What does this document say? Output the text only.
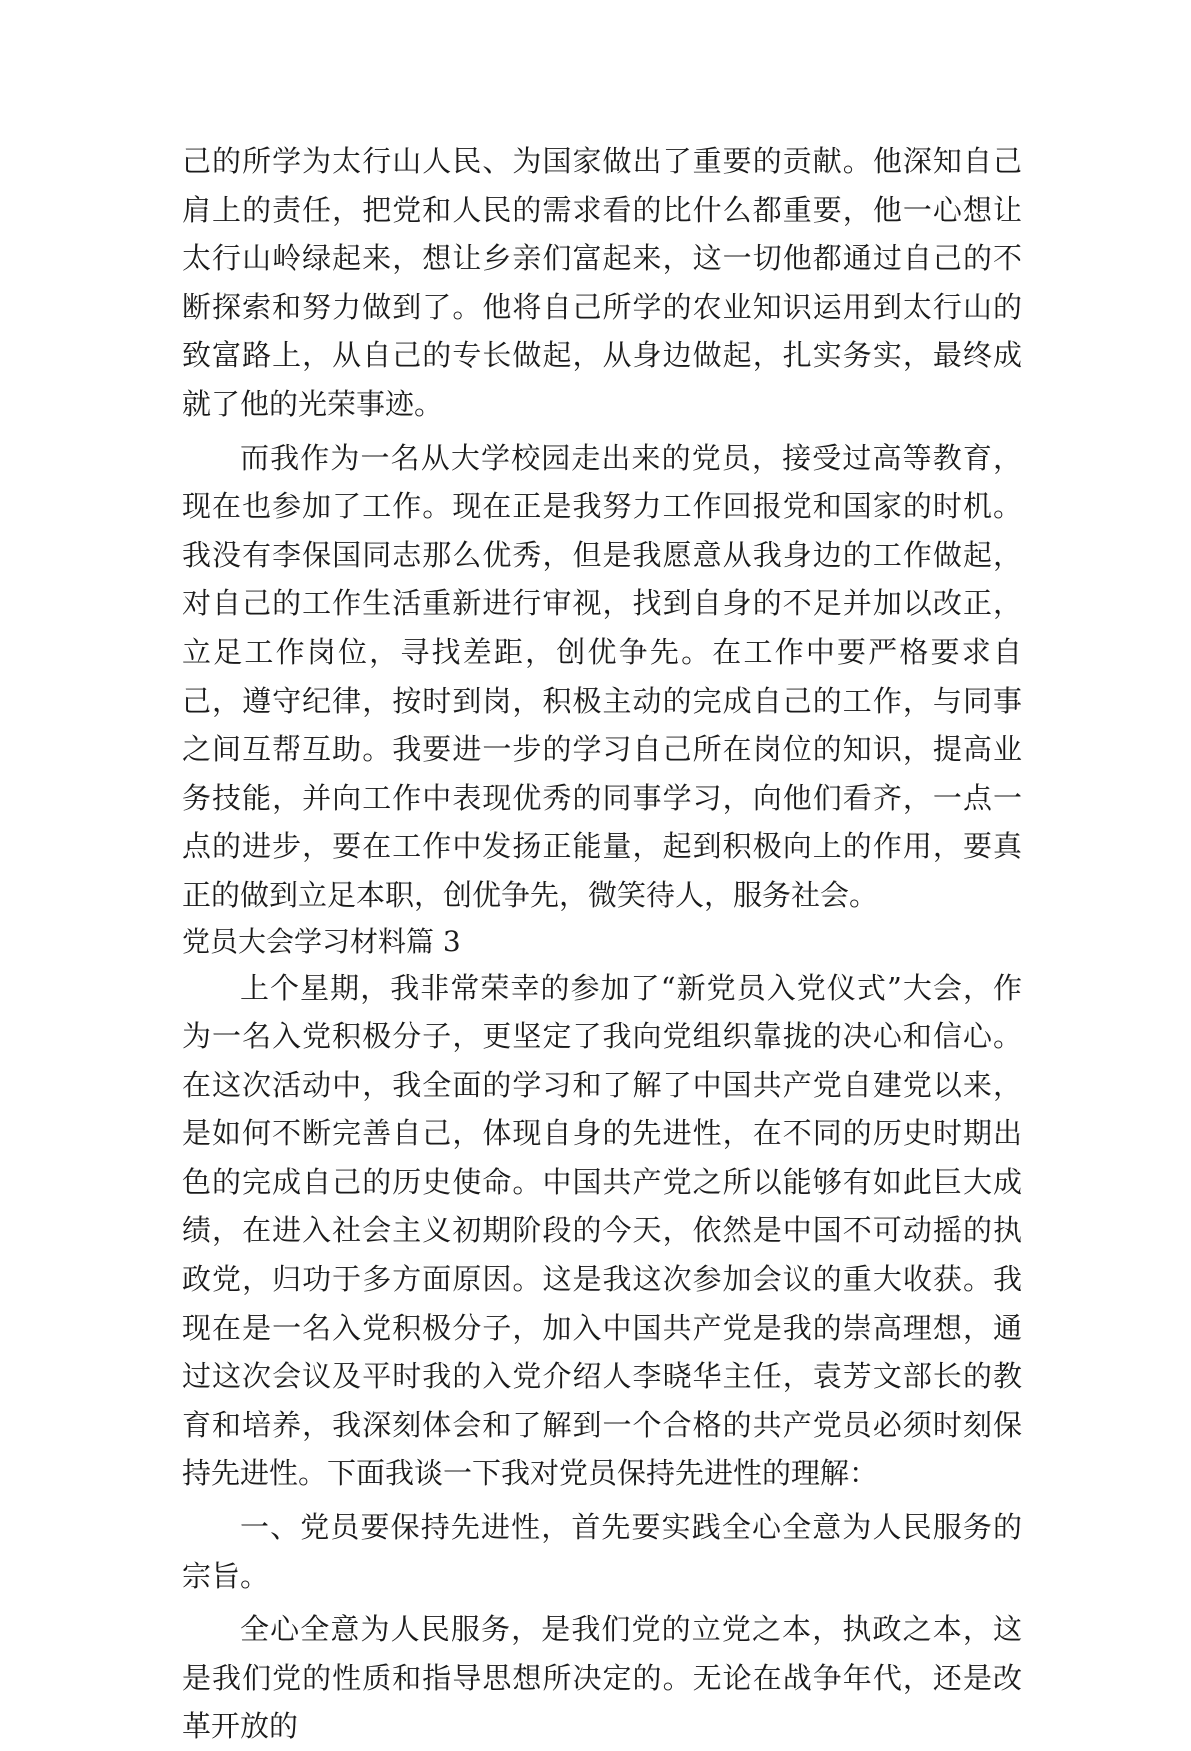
己的所学为太行山人民、为国家做出了重要的贡献。他深知自己肩上的责任，把党和人民的需求看的比什么都重要，他一心想让太行山岭绿起来，想让乡亲们富起来，这一切他都通过自己的不断探索和努力做到了。他将自己所学的农业知识运用到太行山的致富路上，从自己的专长做起，从身边做起，扎实务实，最终成就了他的光荣事迹。

而我作为一名从大学校园走出来的党员，接受过高等教育，现在也参加了工作。现在正是我努力工作回报党和国家的时机。我没有李保国同志那么优秀，但是我愿意从我身边的工作做起，对自己的工作生活重新进行审视，找到自身的不足并加以改正，立足工作岗位，寻找差距，创优争先。在工作中要严格要求自己，遵守纪律，按时到岗，积极主动的完成自己的工作，与同事之间互帮互助。我要进一步的学习自己所在岗位的知识，提高业务技能，并向工作中表现优秀的同事学习，向他们看齐，一点一点的进步，要在工作中发扬正能量，起到积极向上的作用，要真正的做到立足本职，创优争先，微笑待人，服务社会。

党员大会学习材料篇 3

上个星期，我非常荣幸的参加了“新党员入党仪式”大会，作为一名入党积极分子，更坚定了我向党组织靠拢的决心和信心。在这次活动中，我全面的学习和了解了中国共产党自建党以来，是如何不断完善自己，体现自身的先进性，在不同的历史时期出色的完成自己的历史使命。中国共产党之所以能够有如此巨大成绩，在进入社会主义初期阶段的今天，依然是中国不可动摇的执政党，归功于多方面原因。这是我这次参加会议的重大收获。我现在是一名入党积极分子，加入中国共产党是我的崇高理想，通过这次会议及平时我的入党介绍人李晓华主任，袁芳文部长的教育和培养，我深刻体会和了解到一个合格的共产党员必须时刻保持先进性。下面我谈一下我对党员保持先进性的理解：

一、党员要保持先进性，首先要实践全心全意为人民服务的宗旨。

全心全意为人民服务，是我们党的立党之本，执政之本，这是我们党的性质和指导思想所决定的。无论在战争年代，还是改革开放的
